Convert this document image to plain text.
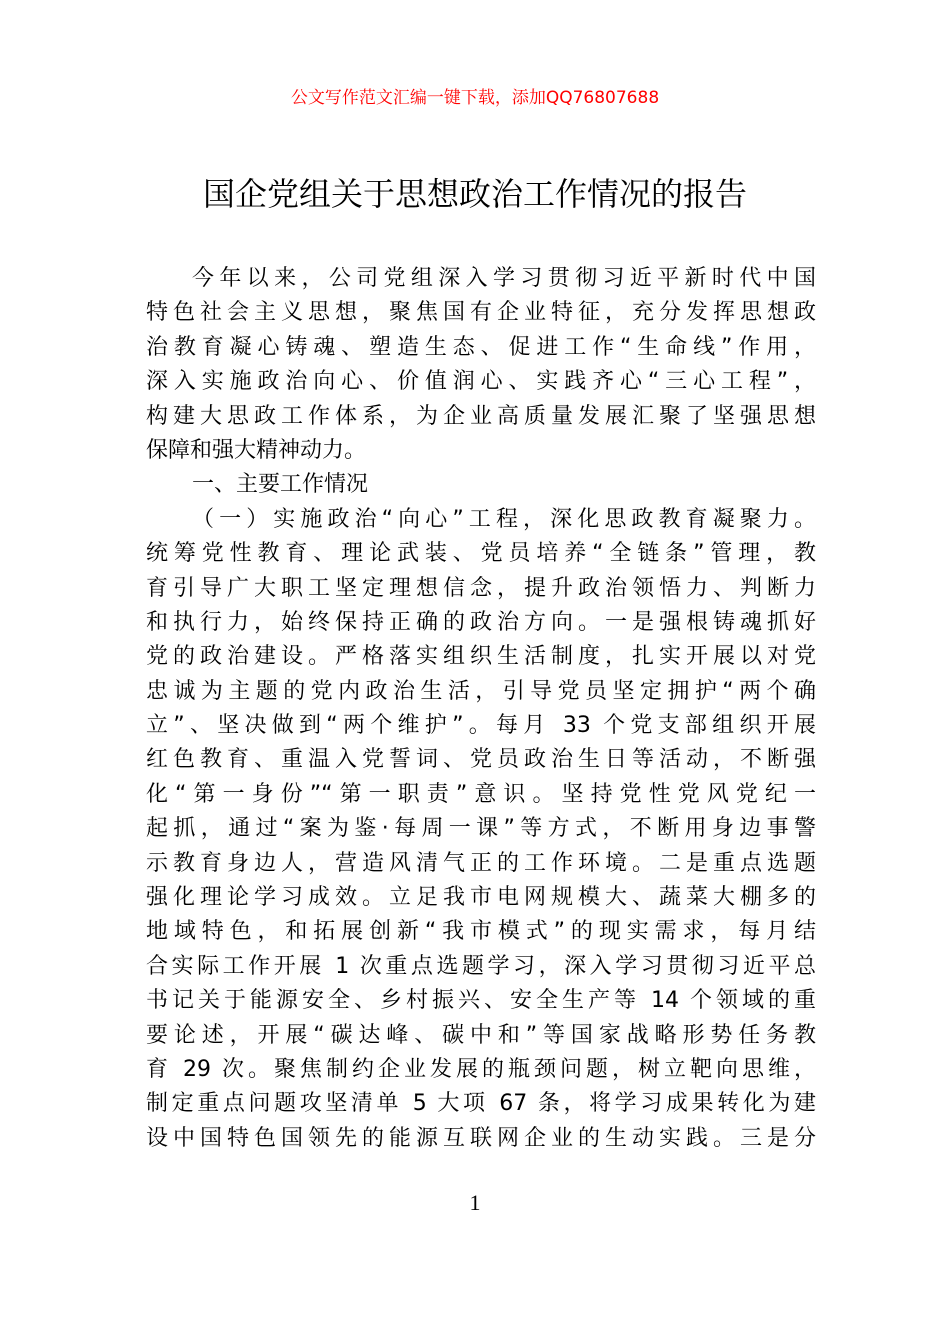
公文写作范文汇编一键下载，添加QQ76807688
国企党组关于思想政治工作情况的报告
今年以来，公司党组深入学习贯彻习近平新时代中国
特色社会主义思想，聚焦国有企业特征，充分发挥思想政
治教育凝心铸魂、塑造生态、促进工作“生命线”作用，
深入实施政治向心、价值润心、实践齐心“三心工程”，
构建大思政工作体系，为企业高质量发展汇聚了坚强思想
保障和强大精神动力。
一、主要工作情况
（一）实施政治“向心”工程，深化思政教育凝聚力。
统筹党性教育、理论武装、党员培养“全链条”管理，教
育引导广大职工坚定理想信念，提升政治领悟力、判断力
和执行力，始终保持正确的政治方向。一是强根铸魂抓好
党的政治建设。严格落实组织生活制度，扎实开展以对党
忠诚为主题的党内政治生活，引导党员坚定拥护“两个确
立”、坚决做到“两个维护”。每月 33 个党支部组织开展
红色教育、重温入党誓词、党员政治生日等活动，不断强
化“第一身份”“第一职责”意识。坚持党性党风党纪一
起抓，通过“案为鉴·每周一课”等方式，不断用身边事警
示教育身边人，营造风清气正的工作环境。二是重点选题
强化理论学习成效。立足我市电网规模大、蔬菜大棚多的
地域特色，和拓展创新“我市模式”的现实需求，每月结
合实际工作开展 1 次重点选题学习，深入学习贯彻习近平总
书记关于能源安全、乡村振兴、安全生产等 14 个领域的重
要论述，开展“碳达峰、碳中和”等国家战略形势任务教
育 29 次。聚焦制约企业发展的瓶颈问题，树立靶向思维，
制定重点问题攻坚清单 5 大项 67 条，将学习成果转化为建
设中国特色国领先的能源互联网企业的生动实践。三是分
1
